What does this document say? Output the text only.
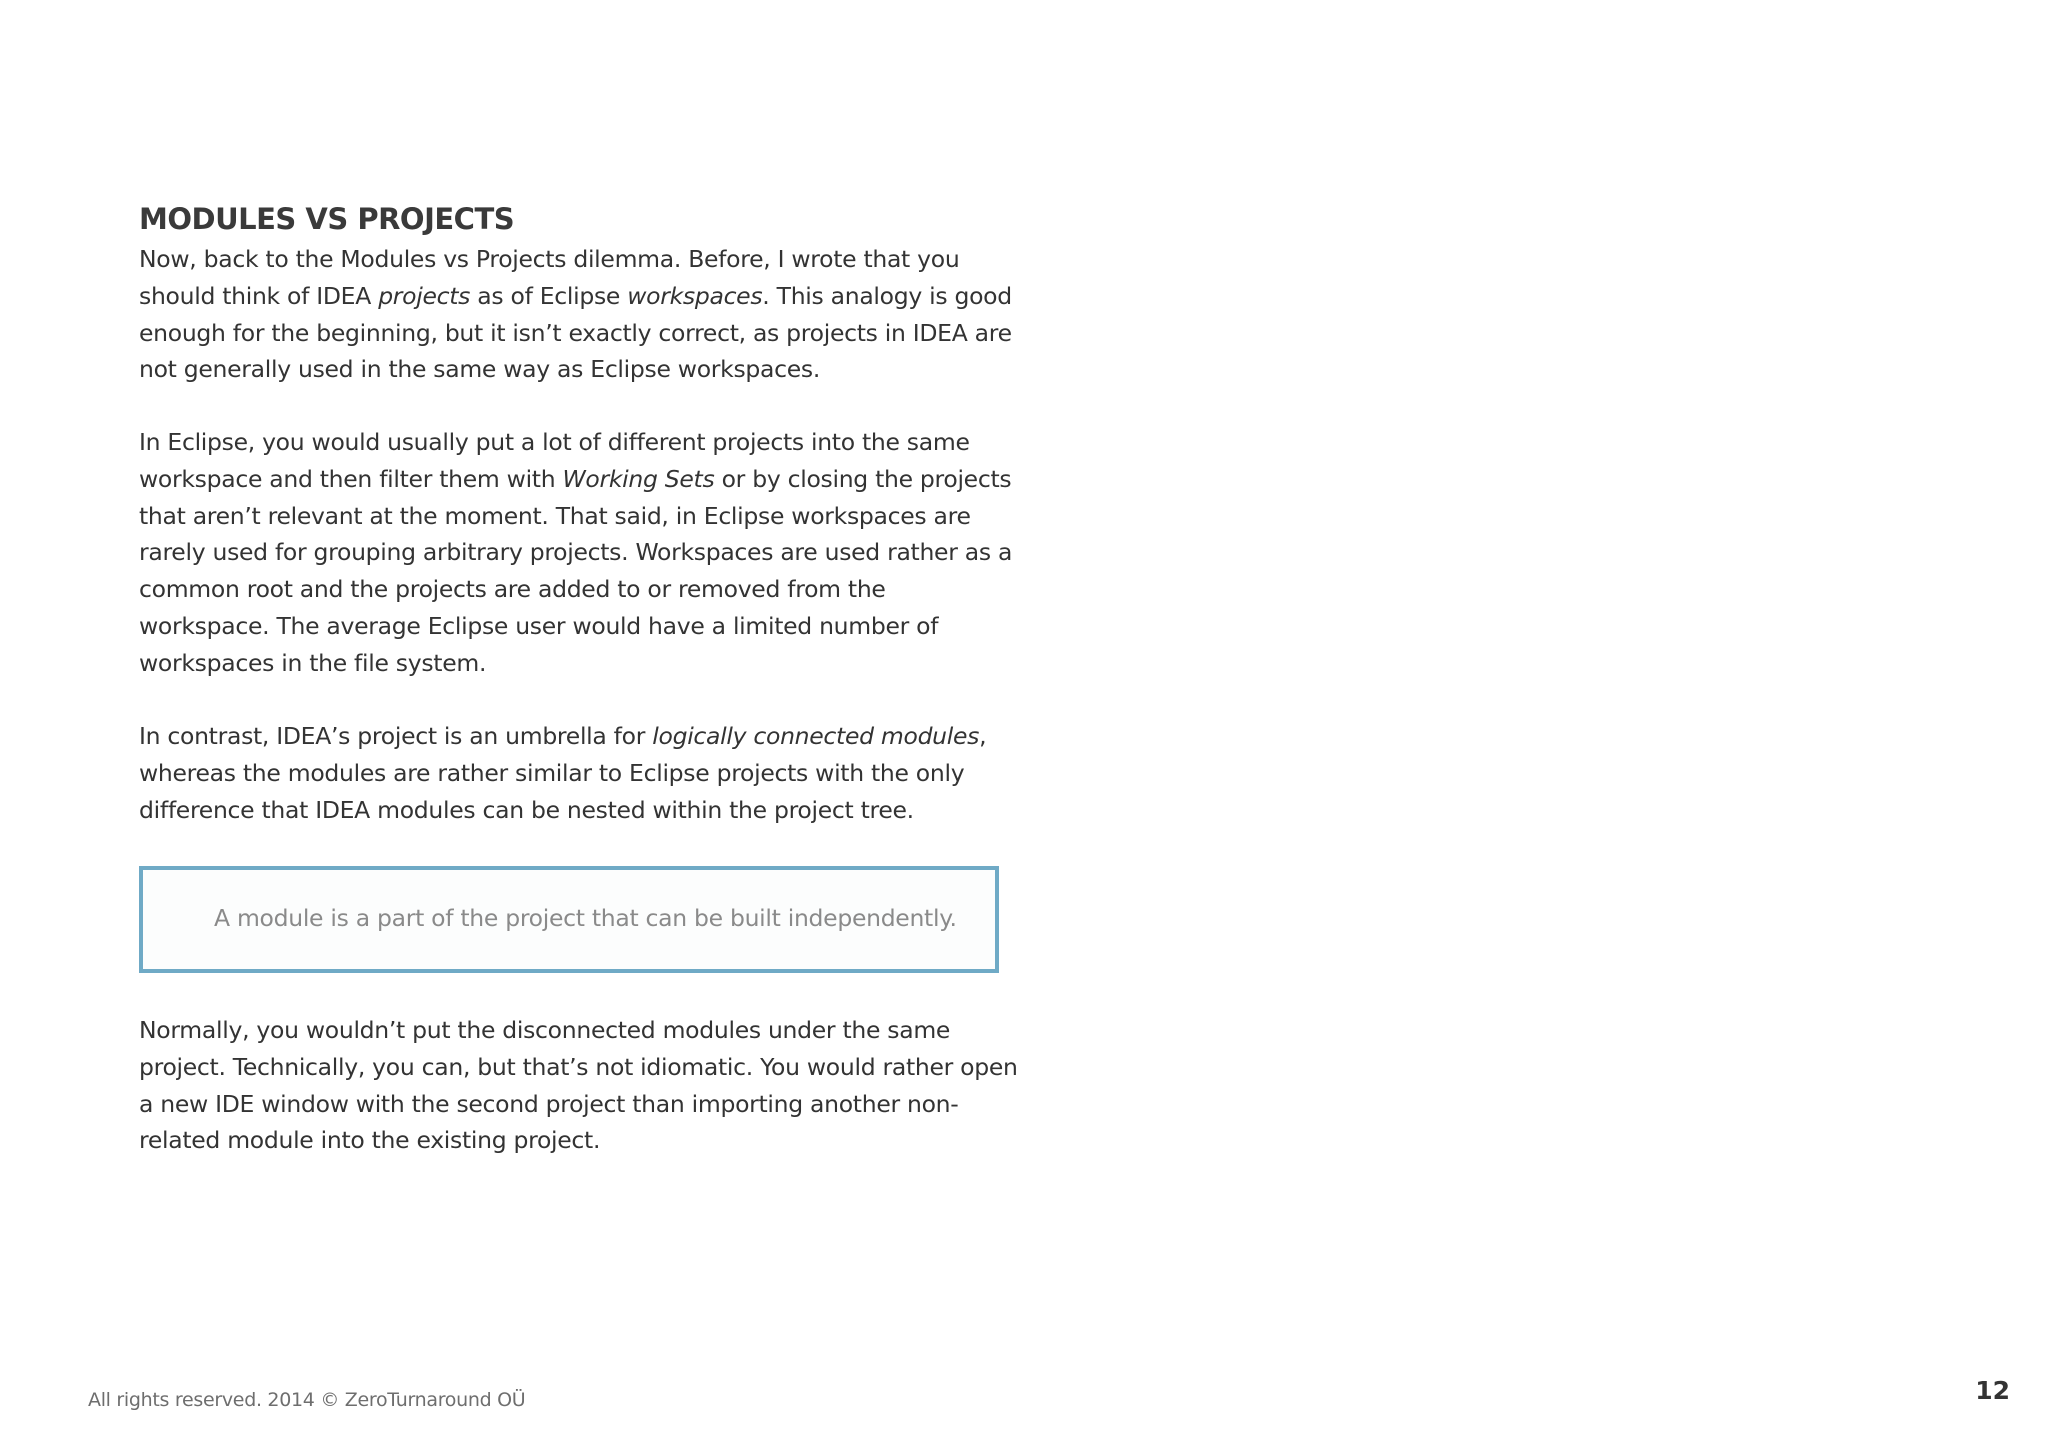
MODULES VS PROJECTS

Now, back to the Modules vs Projects dilemma. Before, I wrote that you should think of IDEA projects as of Eclipse workspaces. This analogy is good enough for the beginning, but it isn’t exactly correct, as projects in IDEA are not generally used in the same way as Eclipse workspaces.

In Eclipse, you would usually put a lot of different projects into the same workspace and then filter them with Working Sets or by closing the projects that aren’t relevant at the moment. That said, in Eclipse workspaces are rarely used for grouping arbitrary projects. Workspaces are used rather as a common root and the projects are added to or removed from the workspace. The average Eclipse user would have a limited number of workspaces in the file system.

In contrast, IDEA’s project is an umbrella for logically connected modules, whereas the modules are rather similar to Eclipse projects with the only difference that IDEA modules can be nested within the project tree.

A module is a part of the project that can be built independently.

Normally, you wouldn’t put the disconnected modules under the same project. Technically, you can, but that’s not idiomatic. You would rather open a new IDE window with the second project than importing another non-related module into the existing project.

All rights reserved. 2014 © ZeroTurnaround OÜ	12
